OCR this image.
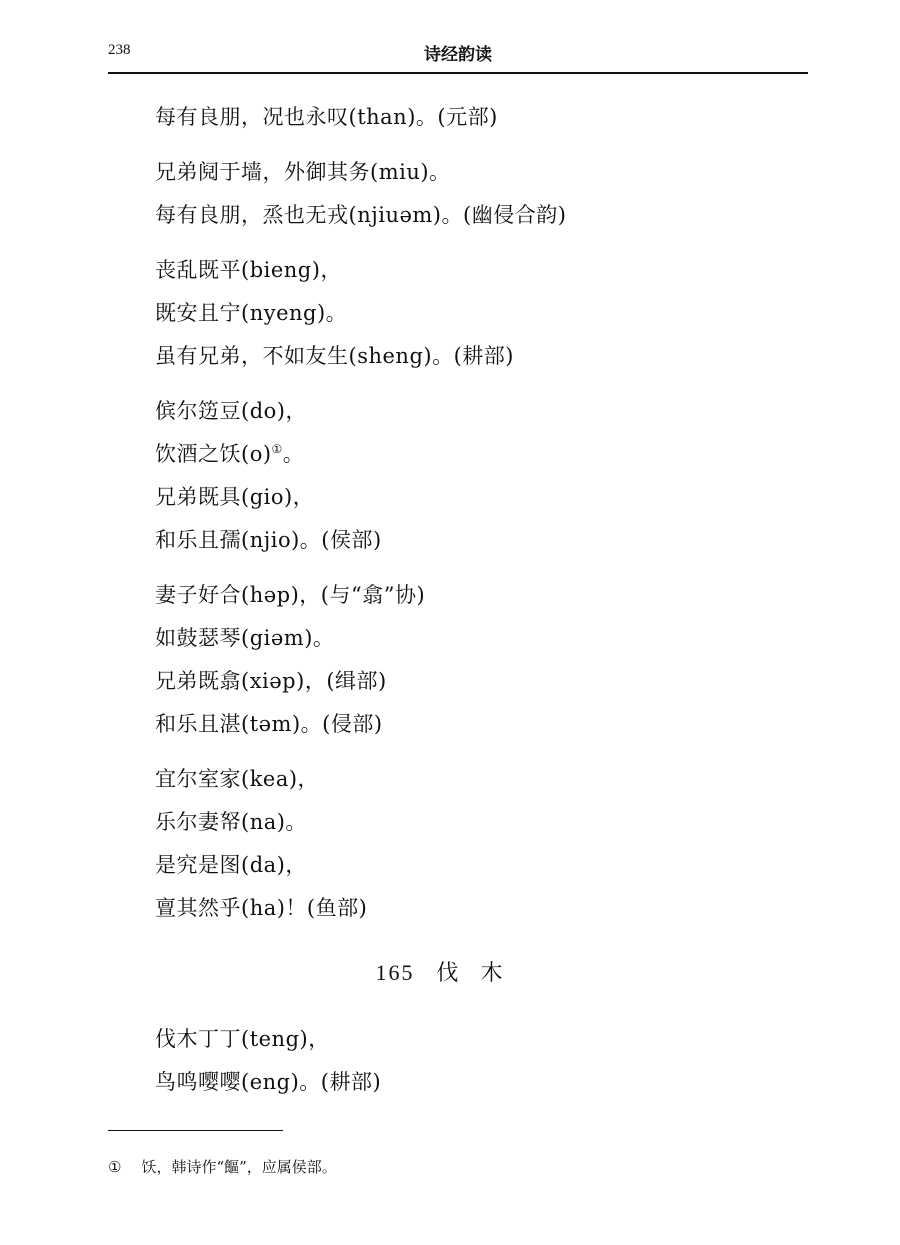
238	诗经韵读
每有良朋，况也永叹(than)。(元部)
兄弟阋于墙，外御其务(miu)。
每有良朋，烝也无戎(njiuəm)。(幽侵合韵)
丧乱既平(bieng)，
既安且宁(nyeng)。
虽有兄弟，不如友生(sheng)。(耕部)
傧尔笾豆(do)，
饮酒之饫(o)①。
兄弟既具(gio)，
和乐且孺(njio)。(侯部)
妻子好合(həp)，(与“翕”协)
如鼓瑟琴(giəm)。
兄弟既翕(xiəp)，(缉部)
和乐且湛(təm)。(侵部)
宜尔室家(kea)，
乐尔妻帑(na)。
是究是图(da)，
亶其然乎(ha)！(鱼部)
165 伐木
伐木丁丁(teng)，
鸟鸣嘤嘤(eng)。(耕部)
① 饫，韩诗作“饇”，应属侯部。
